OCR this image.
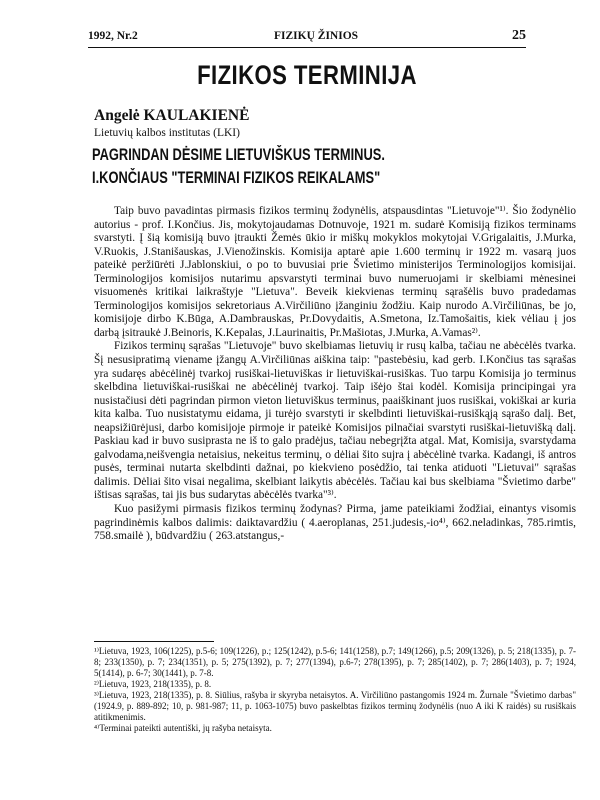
1992, Nr.2	FIZIKŲ ŽINIOS	25
FIZIKOS TERMINIJA
Angelė KAULAKIENĖ
Lietuvių kalbos institutas (LKI)
PAGRINDAN DĖSIME LIETUVIŠKUS TERMINUS.
I.KONČIAUS "TERMINAI FIZIKOS REIKALAMS"

Taip buvo pavadintas pirmasis fizikos terminų žodynėlis, atspausdintas "Lietuvoje"¹⁾. Šio žodynėlio autorius - prof. I.Končius. Jis, mokytojaudamas Dotnuvoje, 1921 m. sudarė Komisiją fizikos terminams svarstyti. Į šią komisiją buvo įtraukti Žemės ūkio ir miškų mokyklos mokytojai V.Grigalaitis, J.Murka, V.Ruokis, J.Stanišauskas, J.Vienožinskis. Komisija aptarė apie 1.600 terminų ir 1922 m. vasarą juos pateikė peržiūrėti J.Jablonskiui, o po to buvusiai prie Švietimo ministerijos Terminologijos komisijai. Terminologijos komisijos nutarimu apsvarstyti terminai buvo numeruojami ir skelbiami mėnesinei visuomenės kritikai laikraštyje "Lietuva". Beveik kiekvienas terminų sąrašėlis buvo pradedamas Terminologijos komisijos sekretoriaus A.Virčiliūno įžanginiu žodžiu. Kaip nurodo A.Virčiliūnas, be jo, komisijoje dirbo K.Būga, A.Dambrauskas, Pr.Dovydaitis, A.Smetona, Iz.Tamošaitis, kiek vėliau į jos darbą įsitraukė J.Beinoris, K.Kepalas, J.Laurinaitis, Pr.Mašiotas, J.Murka, A.Vamas²⁾.

Fizikos terminų sąrašas "Lietuvoje" buvo skelbiamas lietuvių ir rusų kalba, tačiau ne abėcėlės tvarka. Šį nesusipratimą viename įžangų A.Virčiliūnas aiškina taip: "pastebėsiu, kad gerb. I.Končius tas sąrašas yra sudaręs abėcėlinėj tvarkoj rusiškai-lietuviškas ir lietuviškai-rusiškas. Tuo tarpu Komisija jo terminus skelbdina lietuviškai-rusiškai ne abėcėlinėj tvarkoj. Taip išėjo štai kodėl. Komisija principingai yra nusistačiusi dėti pagrindan pirmon vieton lietuviškus terminus, paaiškinant juos rusiškai, vokiškai ar kuria kita kalba. Tuo nusistatymu eidama, ji turėjo svarstyti ir skelbdinti lietuviškai-rusiškąją sąrašo dalį. Bet, neapsižiūrėjusi, darbo komisijoje pirmoje ir pateikė Komisijos pilnačiai svarstyti rusiškai-lietuvišką dalį. Paskiau kad ir buvo susiprasta ne iš to galo pradėjus, tačiau nebegrįžta atgal. Mat, Komisija, svarstydama galvodama,neišvengia netaisius, nekeitus terminų, o dėliai šito sujra į abėcėlinė tvarka. Kadangi, iš antros pusės, terminai nutarta skelbdinti dažnai, po kiekvieno posėdžio, tai tenka atiduoti "Lietuvai" sąrašas dalimis. Dėliai šito visai negalima, skelbiant laikytis abėcėlės. Tačiau kai bus skelbiama "Švietimo darbe" ištisas sąrašas, tai jis bus sudarytas abėcėlės tvarka"³⁾.

Kuo pasižymi pirmasis fizikos terminų žodynas? Pirma, jame pateikiami žodžiai, einantys visomis pagrindinėmis kalbos dalimis: daiktavardžiu ( 4.aeroplanas, 251.judesis,-io⁴⁾, 662.neladinkas, 785.rimtis, 758.smailė ), būdvardžiu ( 263.atstangus,-

¹⁾Lietuva, 1923, 106(1225), p.5-6; 109(1226), p.; 125(1242), p.5-6; 141(1258), p.7; 149(1266), p.5; 209(1326), p. 5; 218(1335), p. 7-8; 233(1350), p. 7; 234(1351), p. 5; 275(1392), p. 7; 277(1394), p.6-7; 278(1395), p. 7; 285(1402), p. 7; 286(1403), p. 7; 1924, 5(1414), p. 6-7; 30(1441), p. 7-8.
²⁾Lietuva, 1923, 218(1335), p. 8.
³⁾Lietuva, 1923, 218(1335), p. 8. Siūlius, rašyba ir skyryba netaisytos. A. Virčiliūno pastangomis 1924 m. Žurnale "Švietimo darbas" (1924.9, p. 889-892; 10, p. 981-987; 11, p. 1063-1075) buvo paskelbtas fizikos terminų žodynėlis (nuo A iki K raidės) su rusiškais atitikmenimis.
⁴⁾Terminai pateikti autentiški, jų rašyba netaisyta.
